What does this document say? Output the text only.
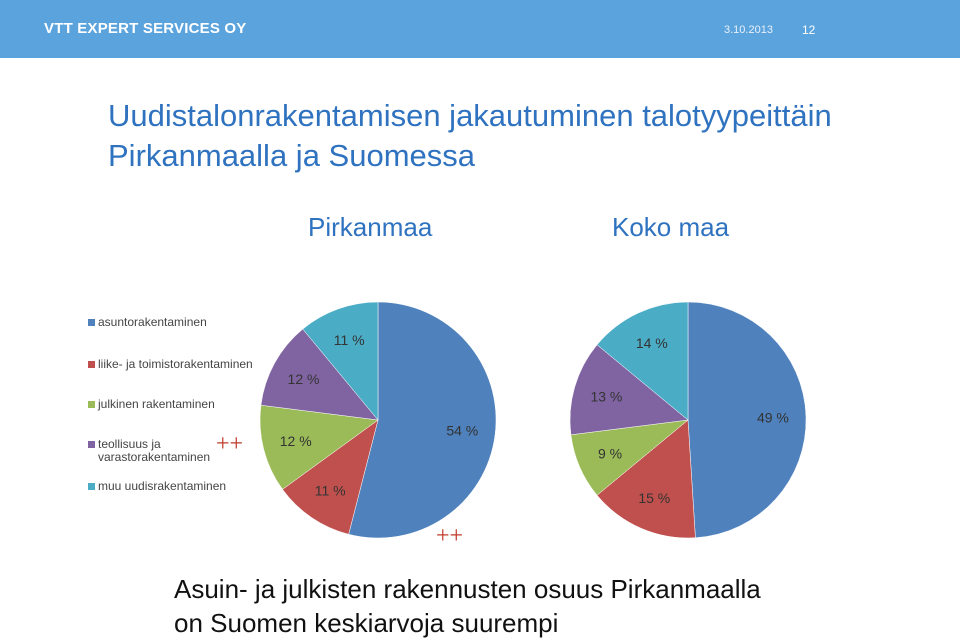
VTT EXPERT SERVICES OY	3.10.2013 12
Uudistalonrakentamisen jakautuminen talotyypeittäin
Pirkanmaalla ja Suomessa
Pirkanmaa	Koko maa
asuntorakentaminen
liike- ja toimistorakentaminen
julkinen rakentaminen
teollisuus ja varastorakentaminen
muu uudisrakentaminen
++
++
54 %
11 %
12 %
12 %
11 %
49 %
15 %
9 %
13 %
14 %
Asuin- ja julkisten rakennusten osuus Pirkanmaalla
on Suomen keskiarvoja suurempi
